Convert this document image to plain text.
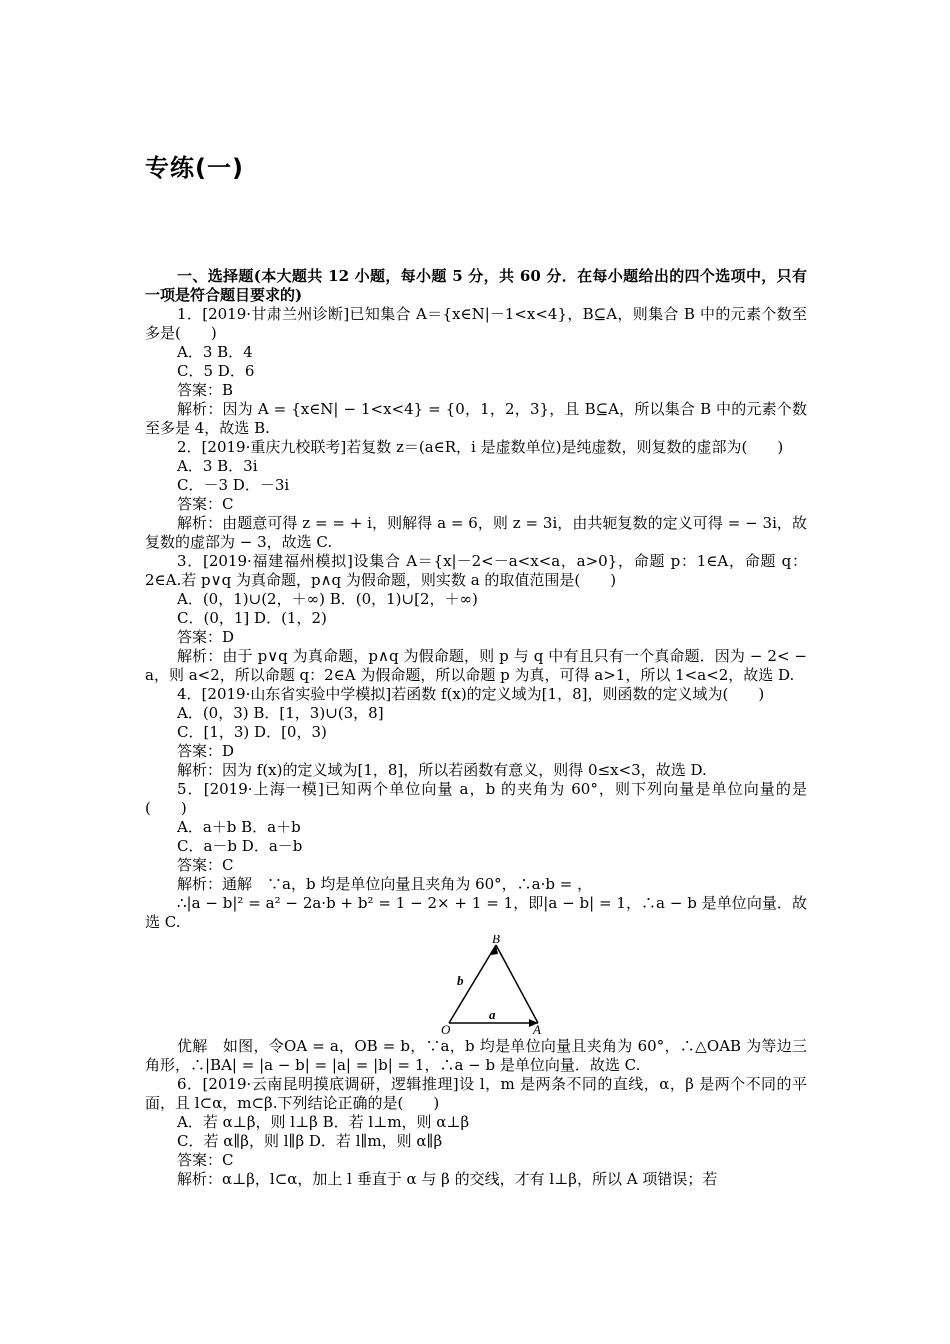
专练(一)

一、选择题(本大题共 12 小题，每小题 5 分，共 60 分．在每小题给出的四个选项中，只有一项是符合题目要求的)

1．[2019·甘肃兰州诊断]已知集合 A＝{x∈N|－1<x<4}，B⊆A，则集合 B 中的元素个数至多是(　　)

A．3 B．4

C．5 D．6

答案：B

解析：因为 A = {x∈N| − 1<x<4} = {0，1，2，3}，且 B⊆A，所以集合 B 中的元素个数至多是 4，故选 B.

2．[2019·重庆九校联考]若复数 z＝(a∈R，i 是虚数单位)是纯虚数，则复数的虚部为(　　)

A．3 B．3i

C．－3 D．－3i

答案：C

解析：由题意可得 z = = + i，则解得 a = 6，则 z = 3i，由共轭复数的定义可得 = − 3i，故复数的虚部为 − 3，故选 C.

3．[2019·福建福州模拟]设集合 A＝{x|－2<－a<x<a，a>0}，命题 p：1∈A，命题 q：2∈A.若 p∨q 为真命题，p∧q 为假命题，则实数 a 的取值范围是(　　)

A．(0，1)∪(2，＋∞) B．(0，1)∪[2，＋∞)

C．(0，1] D．(1，2)

答案：D

解析：由于 p∨q 为真命题，p∧q 为假命题，则 p 与 q 中有且只有一个真命题．因为 − 2< − a，则 a<2，所以命题 q：2∈A 为假命题，所以命题 p 为真，可得 a>1，所以 1<a<2，故选 D.

4．[2019·山东省实验中学模拟]若函数 f(x)的定义域为[1，8]，则函数的定义域为(　　)

A．(0，3) B．[1，3)∪(3，8]

C．[1，3) D．[0，3)

答案：D

解析：因为 f(x)的定义域为[1，8]，所以若函数有意义，则得 0≤x<3，故选 D.

5．[2019·上海一模]已知两个单位向量 a，b 的夹角为 60°，则下列向量是单位向量的是(　　)

A．a＋b B．a＋b

C．a－b D．a－b

答案：C

解析：通解　∵a，b 均是单位向量且夹角为 60°，∴a·b = ，

∴|a − b|² = a² − 2a·b + b² = 1 − 2× + 1 = 1，即|a − b| = 1，∴a − b 是单位向量．故选 C.

O	A
B
a
b

优解　如图，令OA = a，OB = b，∵a，b 均是单位向量且夹角为 60°，∴△OAB 为等边三角形，∴|BA| = |a − b| = |a| = |b| = 1，∴a − b 是单位向量．故选 C.

6．[2019·云南昆明摸底调研，逻辑推理]设 l，m 是两条不同的直线，α，β 是两个不同的平面，且 l⊂α，m⊂β.下列结论正确的是(　　)

A．若 α⊥β，则 l⊥β B．若 l⊥m，则 α⊥β

C．若 α∥β，则 l∥β D．若 l∥m，则 α∥β

答案：C

解析：α⊥β，l⊂α，加上 l 垂直于 α 与 β 的交线，才有 l⊥β，所以 A 项错误；若
